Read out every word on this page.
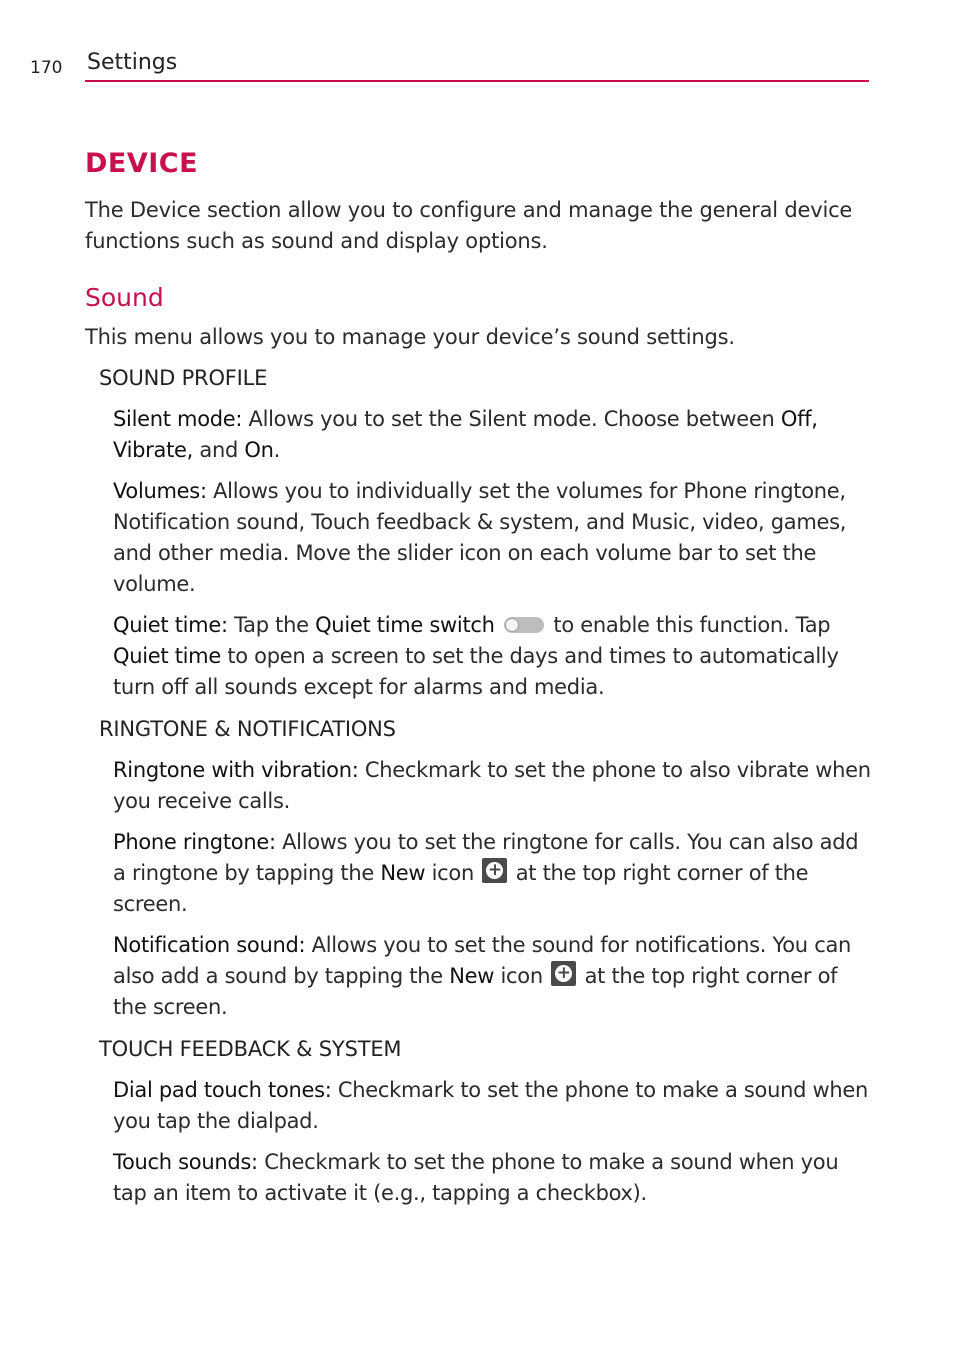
170 Settings
DEVICE

The Device section allow you to configure and manage the general device functions such as sound and display options.

Sound

This menu allows you to manage your device’s sound settings.

SOUND PROFILE

Silent mode: Allows you to set the Silent mode. Choose between Off, Vibrate, and On.

Volumes: Allows you to individually set the volumes for Phone ringtone, Notification sound, Touch feedback & system, and Music, video, games, and other media. Move the slider icon on each volume bar to set the volume.

Quiet time: Tap the Quiet time switch  to enable this function. Tap Quiet time to open a screen to set the days and times to automatically turn off all sounds except for alarms and media.

RINGTONE & NOTIFICATIONS

Ringtone with vibration: Checkmark to set the phone to also vibrate when you receive calls.

Phone ringtone: Allows you to set the ringtone for calls. You can also add a ringtone by tapping the New icon + at the top right corner of the screen.

Notification sound: Allows you to set the sound for notifications. You can also add a sound by tapping the New icon + at the top right corner of the screen.

TOUCH FEEDBACK & SYSTEM

Dial pad touch tones: Checkmark to set the phone to make a sound when you tap the dialpad.

Touch sounds: Checkmark to set the phone to make a sound when you tap an item to activate it (e.g., tapping a checkbox).
